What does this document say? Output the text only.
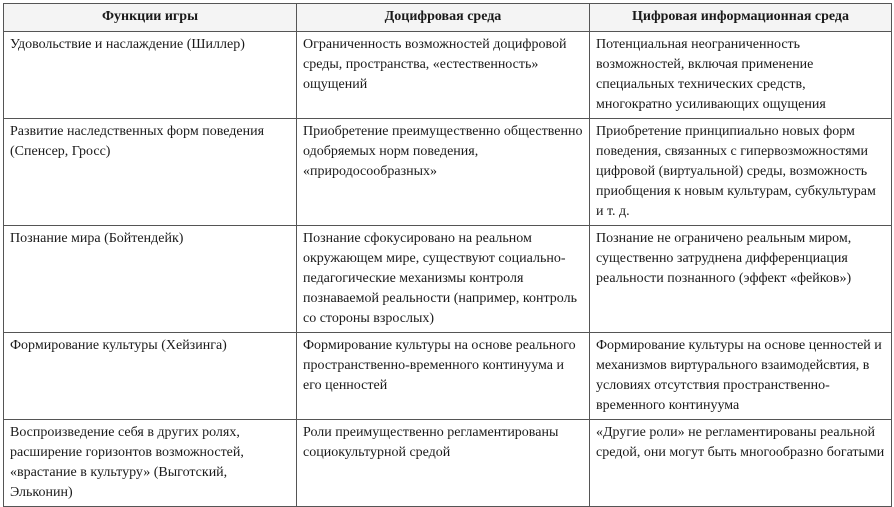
Функции игры	Доцифровая среда	Цифровая информационная среда

Удовольствие и наслаждение (Шиллер)	Ограниченность возможностей доцифровой среды, пространства, «естественность» ощущений	Потенциальная неограниченность возможностей, включая применение специальных технических средств, многократно усиливающих ощущения

Развитие наследственных форм поведения (Спенсер, Гросс)	Приобретение преимущественно общественно одобряемых норм поведения, «природосообразных»	Приобретение принципиально новых форм поведения, связанных с гипервозможностями цифровой (виртуальной) среды, возможность приобщения к новым культурам, субкультурам и т. д.

Познание мира (Бойтендейк)	Познание сфокусировано на реальном окружающем мире, существуют социально-педагогические механизмы контроля познаваемой реальности (например, контроль со стороны взрослых)	Познание не ограничено реальным миром, существенно затруднена дифференциация реальности познанного (эффект «фейков»)

Формирование культуры (Хейзинга)	Формирование культуры на основе реального пространственно-временного континуума и его ценностей	Формирование культуры на основе ценностей и механизмов виртурального взаимодейсвтия, в условиях отсутствия пространственно-временного континуума

Воспроизведение себя в других ролях, расширение горизонтов возможностей, «врастание в культуру» (Выготский, Эльконин)	Роли преимущественно регламентированы социокультурной средой	«Другие роли» не регламентированы реальной средой, они могут быть многообразно богатыми
